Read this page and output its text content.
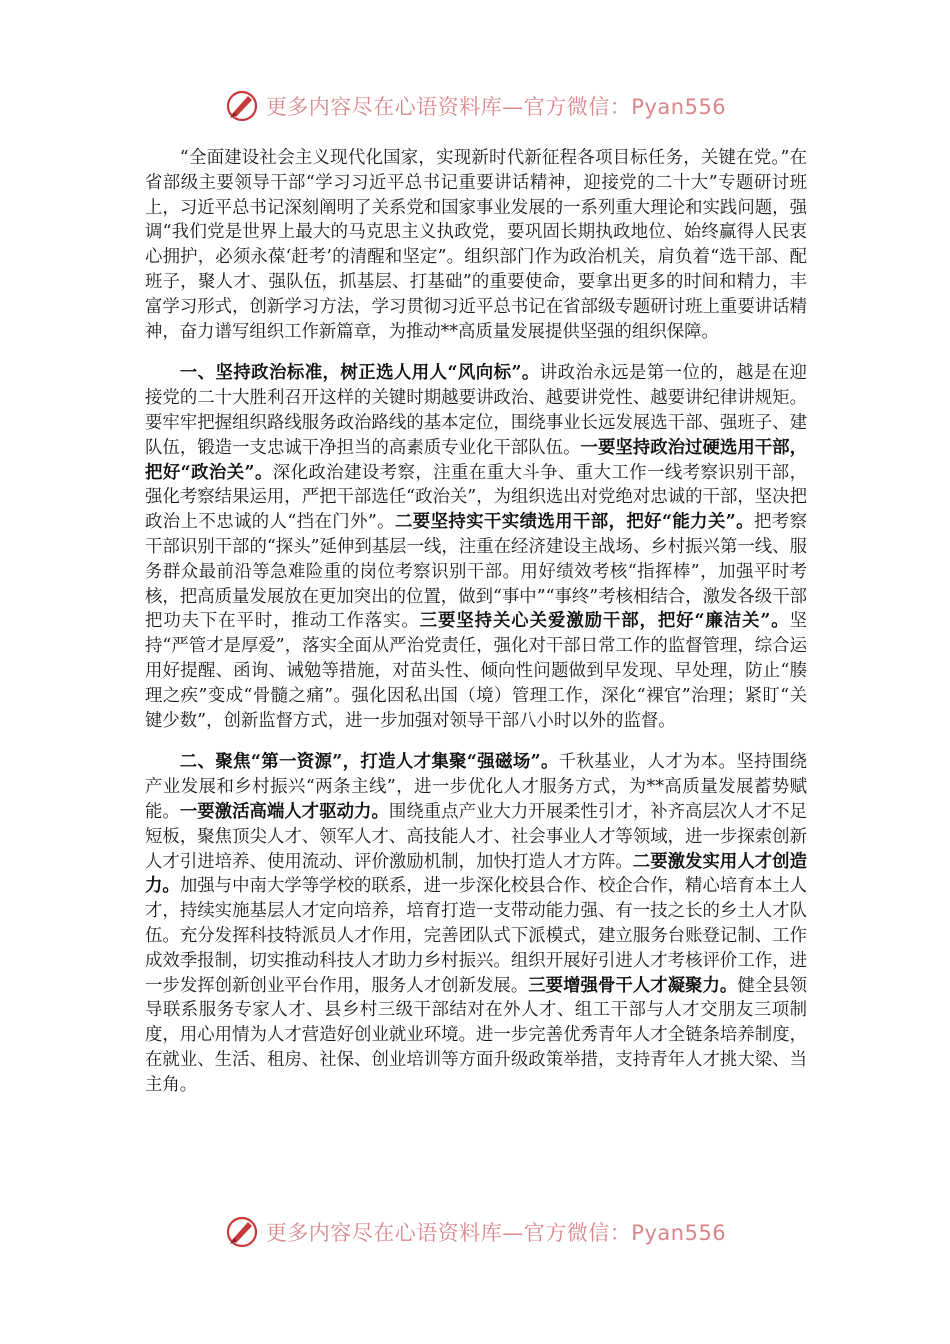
更多内容尽在心语资料库—官方微信：Pyan556

“全面建设社会主义现代化国家，实现新时代新征程各项目标任务，关键在党。”在省部级主要领导干部“学习习近平总书记重要讲话精神，迎接党的二十大”专题研讨班上，习近平总书记深刻阐明了关系党和国家事业发展的一系列重大理论和实践问题，强调“我们党是世界上最大的马克思主义执政党，要巩固长期执政地位、始终赢得人民衷心拥护，必须永葆‘赶考’的清醒和坚定”。组织部门作为政治机关，肩负着“选干部、配班子，聚人才、强队伍，抓基层、打基础”的重要使命，要拿出更多的时间和精力，丰富学习形式，创新学习方法，学习贯彻习近平总书记在省部级专题研讨班上重要讲话精神，奋力谱写组织工作新篇章，为推动**高质量发展提供坚强的组织保障。

一、坚持政治标准，树正选人用人“风向标”。讲政治永远是第一位的，越是在迎接党的二十大胜利召开这样的关键时期越要讲政治、越要讲党性、越要讲纪律讲规矩。要牢牢把握组织路线服务政治路线的基本定位，围绕事业长远发展选干部、强班子、建队伍，锻造一支忠诚干净担当的高素质专业化干部队伍。一要坚持政治过硬选用干部，把好“政治关”。深化政治建设考察，注重在重大斗争、重大工作一线考察识别干部，强化考察结果运用，严把干部选任“政治关”，为组织选出对党绝对忠诚的干部，坚决把政治上不忠诚的人“挡在门外”。二要坚持实干实绩选用干部，把好“能力关”。把考察干部识别干部的“探头”延伸到基层一线，注重在经济建设主战场、乡村振兴第一线、服务群众最前沿等急难险重的岗位考察识别干部。用好绩效考核“指挥棒”，加强平时考核，把高质量发展放在更加突出的位置，做到“事中”“事终”考核相结合，激发各级干部把功夫下在平时，推动工作落实。三要坚持关心关爱激励干部，把好“廉洁关”。坚持“严管才是厚爱”，落实全面从严治党责任，强化对干部日常工作的监督管理，综合运用好提醒、函询、诫勉等措施，对苗头性、倾向性问题做到早发现、早处理，防止“腠理之疾”变成“骨髓之痛”。强化因私出国（境）管理工作，深化“裸官”治理；紧盯“关键少数”，创新监督方式，进一步加强对领导干部八小时以外的监督。

二、聚焦“第一资源”，打造人才集聚“强磁场”。千秋基业，人才为本。坚持围绕产业发展和乡村振兴“两条主线”，进一步优化人才服务方式，为**高质量发展蓄势赋能。一要激活高端人才驱动力。围绕重点产业大力开展柔性引才，补齐高层次人才不足短板，聚焦顶尖人才、领军人才、高技能人才、社会事业人才等领域，进一步探索创新人才引进培养、使用流动、评价激励机制，加快打造人才方阵。二要激发实用人才创造力。加强与中南大学等学校的联系，进一步深化校县合作、校企合作，精心培育本土人才，持续实施基层人才定向培养，培育打造一支带动能力强、有一技之长的乡土人才队伍。充分发挥科技特派员人才作用，完善团队式下派模式，建立服务台账登记制、工作成效季报制，切实推动科技人才助力乡村振兴。组织开展好引进人才考核评价工作，进一步发挥创新创业平台作用，服务人才创新发展。三要增强骨干人才凝聚力。健全县领导联系服务专家人才、县乡村三级干部结对在外人才、组工干部与人才交朋友三项制度，用心用情为人才营造好创业就业环境。进一步完善优秀青年人才全链条培养制度，在就业、生活、租房、社保、创业培训等方面升级政策举措，支持青年人才挑大梁、当主角。

更多内容尽在心语资料库—官方微信：Pyan556
